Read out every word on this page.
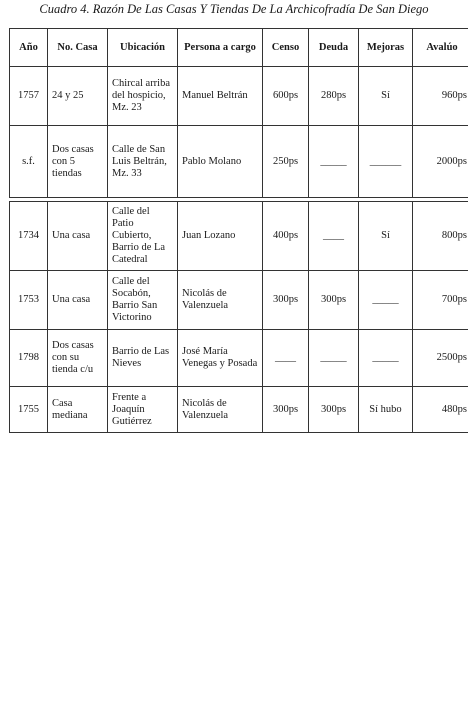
Cuadro 4. Razón De Las Casas Y Tiendas De La Archicofradía De San Diego
Año	No. Casa	Ubicación	Persona a cargo	Censo	Deuda	Mejoras	Avalúo
1757	24 y 25	Chircal arriba del hospicio, Mz. 23	Manuel Beltrán	600ps	280ps	Sí	960ps
s.f.	Dos casas con 5 tiendas	Calle de San Luis Beltrán, Mz. 33	Pablo Molano	250ps	_____	______	2000ps
1734	Una casa	Calle del Patio Cubierto, Barrio de La Catedral	Juan Lozano	400ps	____	Sí	800ps
1753	Una casa	Calle del Socabón, Barrio San Victorino	Nicolás de Valenzuela	300ps	300ps	_____	700ps
1798	Dos casas con su tienda c/u	Barrio de Las Nieves	José María Venegas y Posada	____	_____	_____	2500ps
1755	Casa mediana	Frente a Joaquín Gutiérrez	Nicolás de Valenzuela	300ps	300ps	Sí hubo	480ps
